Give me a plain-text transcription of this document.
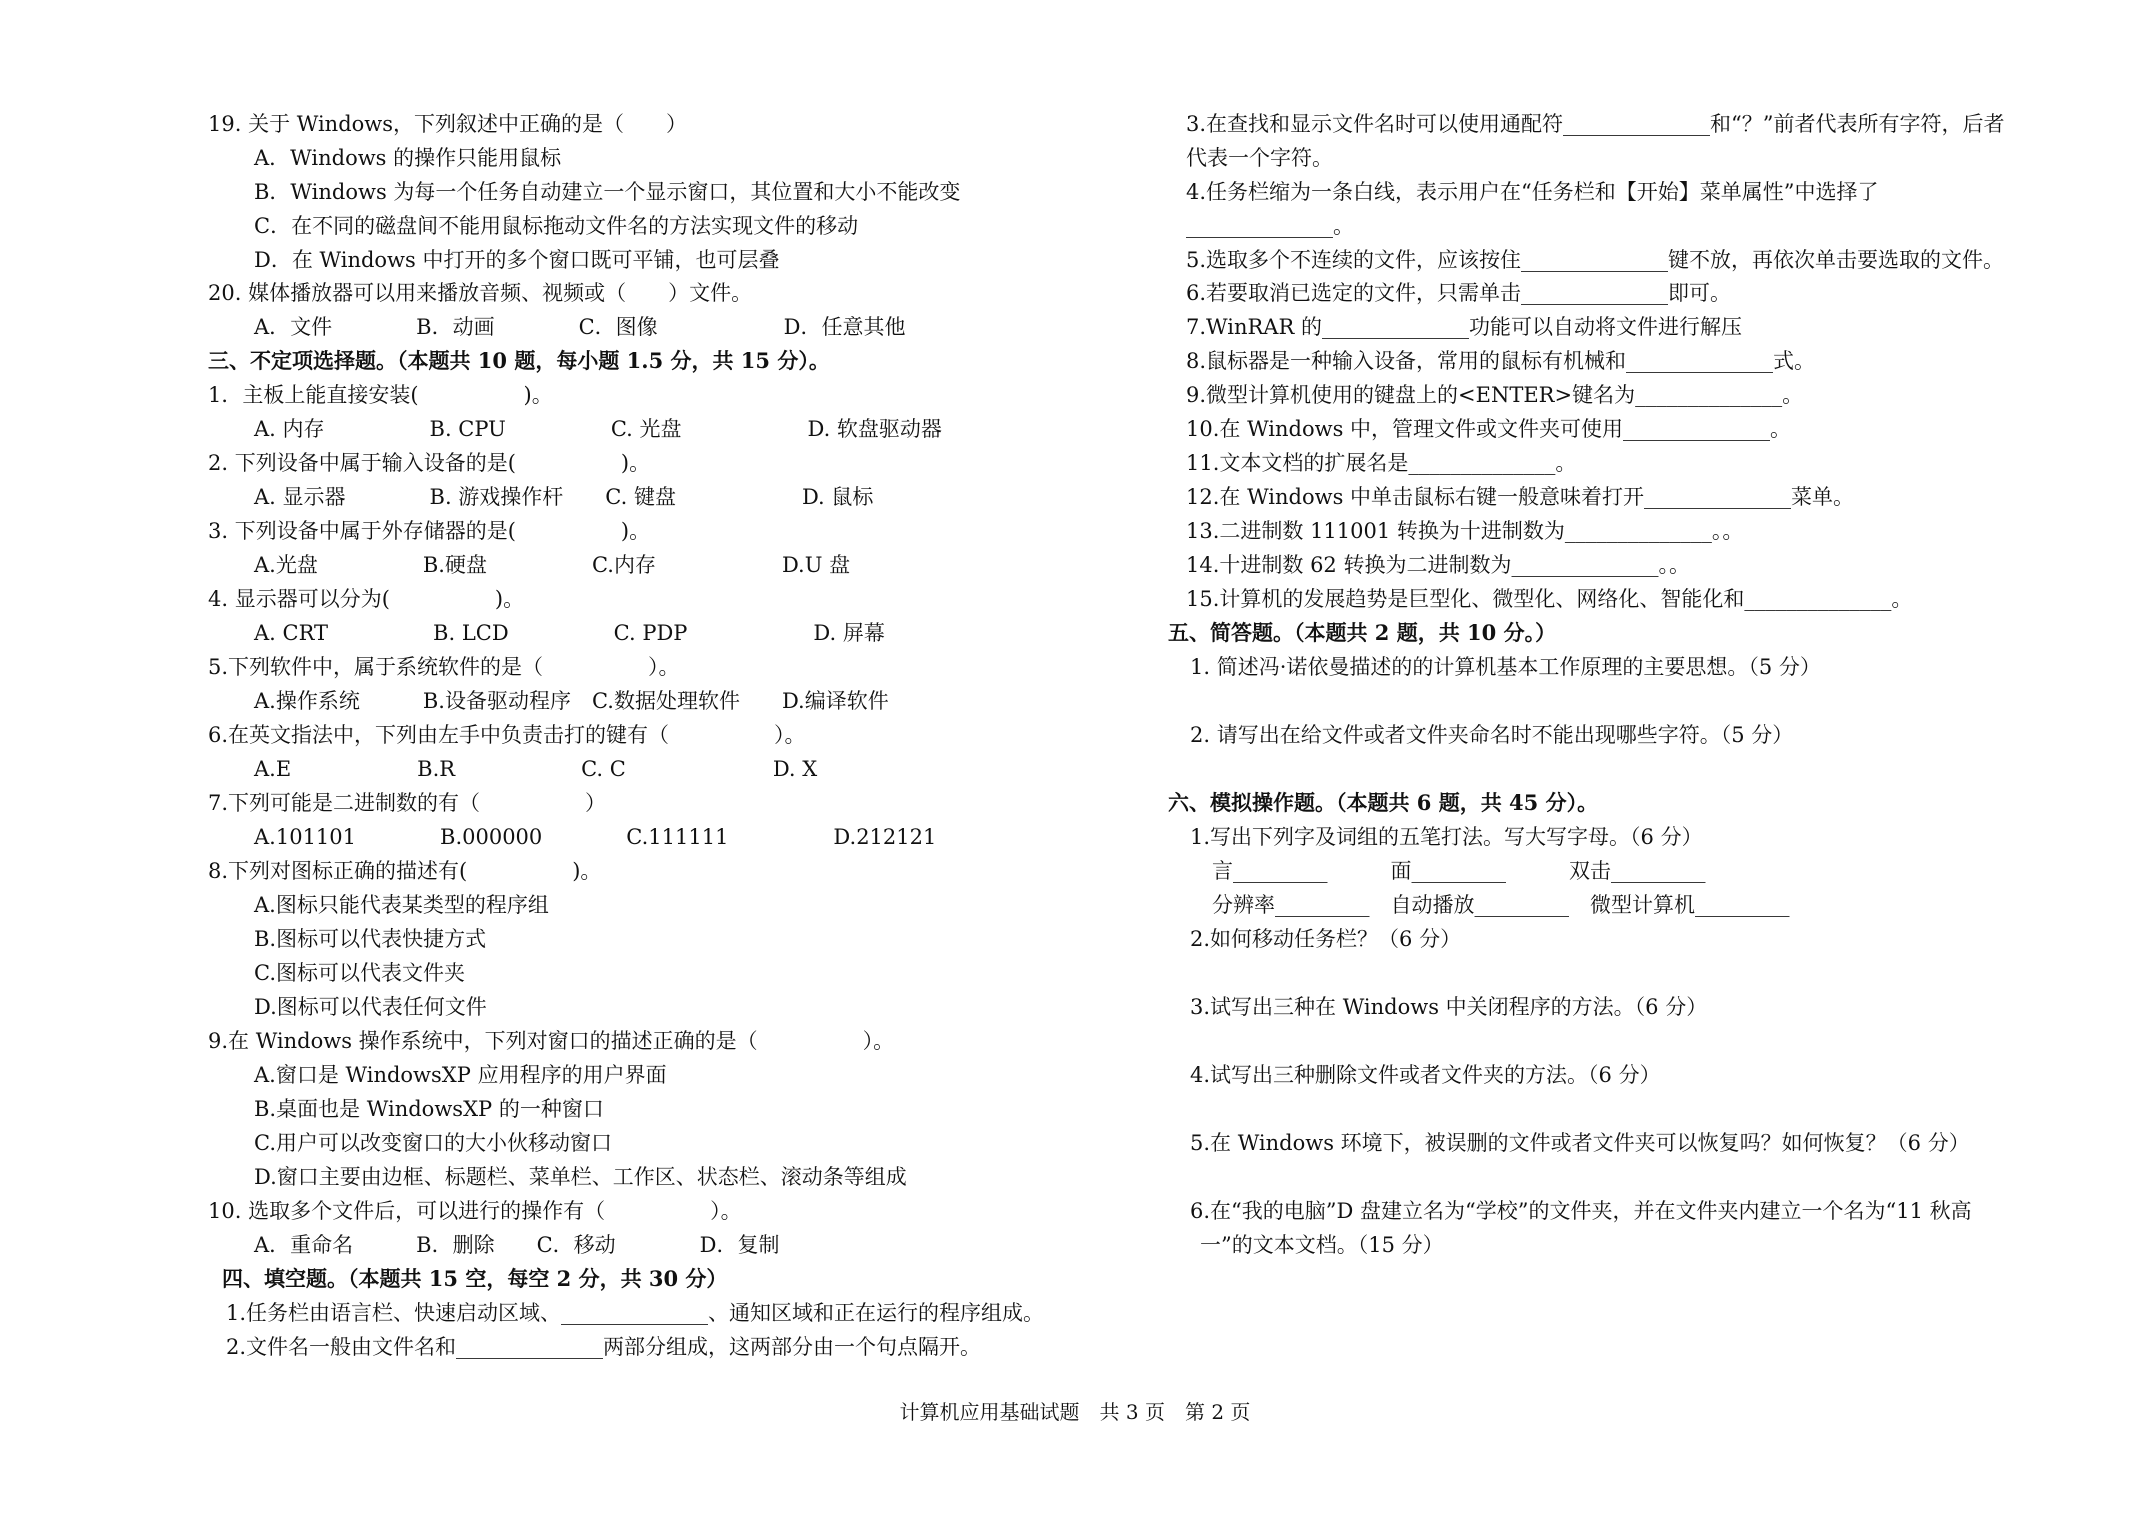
19. 关于 Windows，下列叙述中正确的是（　　）
A．Windows 的操作只能用鼠标
B．Windows 为每一个任务自动建立一个显示窗口，其位置和大小不能改变
C．在不同的磁盘间不能用鼠标拖动文件名的方法实现文件的移动
D．在 Windows 中打开的多个窗口既可平铺，也可层叠
20. 媒体播放器可以用来播放音频、视频或（　　）文件。
A．文件　　　　B．动画　　　　C．图像　　　　　　D．任意其他
三、不定项选择题。（本题共 10 题，每小题 1.5 分，共 15 分）。
1．主板上能直接安装(　　　　　)。
A. 内存　　　　　B. CPU　　　　　C. 光盘　　　　　　D. 软盘驱动器
2. 下列设备中属于输入设备的是(　　　　　)。
A. 显示器　　　　B. 游戏操作杆　　C. 键盘　　　　　　D. 鼠标
3. 下列设备中属于外存储器的是(　　　　　)。
A.光盘　　　　　B.硬盘　　　　　C.内存　　　　　　D.U 盘
4. 显示器可以分为(　　　　　)。
A. CRT　　　　　B. LCD　　　　　C. PDP　　　　　　D. 屏幕
5.下列软件中，属于系统软件的是（　　　　　）。
A.操作系统　　　B.设备驱动程序　C.数据处理软件　　D.编译软件
6.在英文指法中，下列由左手中负责击打的键有（　　　　　）。
A.E　　　　　　B.R　　　　　　C. C　　　　　　　D. X
7.下列可能是二进制数的有（　　　　　）
A.101101　　　　B.000000　　　　C.111111　　　　　D.212121
8.下列对图标正确的描述有(　　　　　)。
A.图标只能代表某类型的程序组
B.图标可以代表快捷方式
C.图标可以代表文件夹
D.图标可以代表任何文件
9.在 Windows 操作系统中，下列对窗口的描述正确的是（　　　　　）。
A.窗口是 WindowsXP 应用程序的用户界面
B.桌面也是 WindowsXP 的一种窗口
C.用户可以改变窗口的大小伙移动窗口
D.窗口主要由边框、标题栏、菜单栏、工作区、状态栏、滚动条等组成
10. 选取多个文件后，可以进行的操作有（　　　　　）。
A．重命名　　　B．删除　　C．移动　　　　D．复制
四、填空题。（本题共 15 空，每空 2 分，共 30 分）
1.任务栏由语言栏、快速启动区域、______________、通知区域和正在运行的程序组成。
2.文件名一般由文件名和______________两部分组成，这两部分由一个句点隔开。
3.在查找和显示文件名时可以使用通配符______________和“？”前者代表所有字符，后者
代表一个字符。
4.任务栏缩为一条白线，表示用户在“任务栏和【开始】菜单属性”中选择了
______________。
5.选取多个不连续的文件，应该按住______________键不放，再依次单击要选取的文件。
6.若要取消已选定的文件，只需单击______________即可。
7.WinRAR 的______________功能可以自动将文件进行解压
8.鼠标器是一种输入设备，常用的鼠标有机械和______________式。
9.微型计算机使用的键盘上的<ENTER>键名为______________。
10.在 Windows 中，管理文件或文件夹可使用______________。
11.文本文档的扩展名是______________。
12.在 Windows 中单击鼠标右键一般意味着打开______________菜单。
13.二进制数 111001 转换为十进制数为______________。。
14.十进制数 62 转换为二进制数为______________。。
15.计算机的发展趋势是巨型化、微型化、网络化、智能化和______________。
五、简答题。（本题共 2 题，共 10 分。）
1. 简述冯·诺依曼描述的的计算机基本工作原理的主要思想。（5 分）
2. 请写出在给文件或者文件夹命名时不能出现哪些字符。（5 分）
六、模拟操作题。（本题共 6 题，共 45 分）。
1.写出下列字及词组的五笔打法。写大写字母。（6 分）
言_________　　　面_________　　　双击_________
分辨率_________　自动播放_________　微型计算机_________
2.如何移动任务栏？（6 分）
3.试写出三种在 Windows 中关闭程序的方法。（6 分）
4.试写出三种删除文件或者文件夹的方法。（6 分）
5.在 Windows 环境下，被误删的文件或者文件夹可以恢复吗？如何恢复？（6 分）
6.在“我的电脑”D 盘建立名为“学校”的文件夹，并在文件夹内建立一个名为“11 秋高
一”的文本文档。（15 分）
计算机应用基础试题　共 3 页　第 2 页
